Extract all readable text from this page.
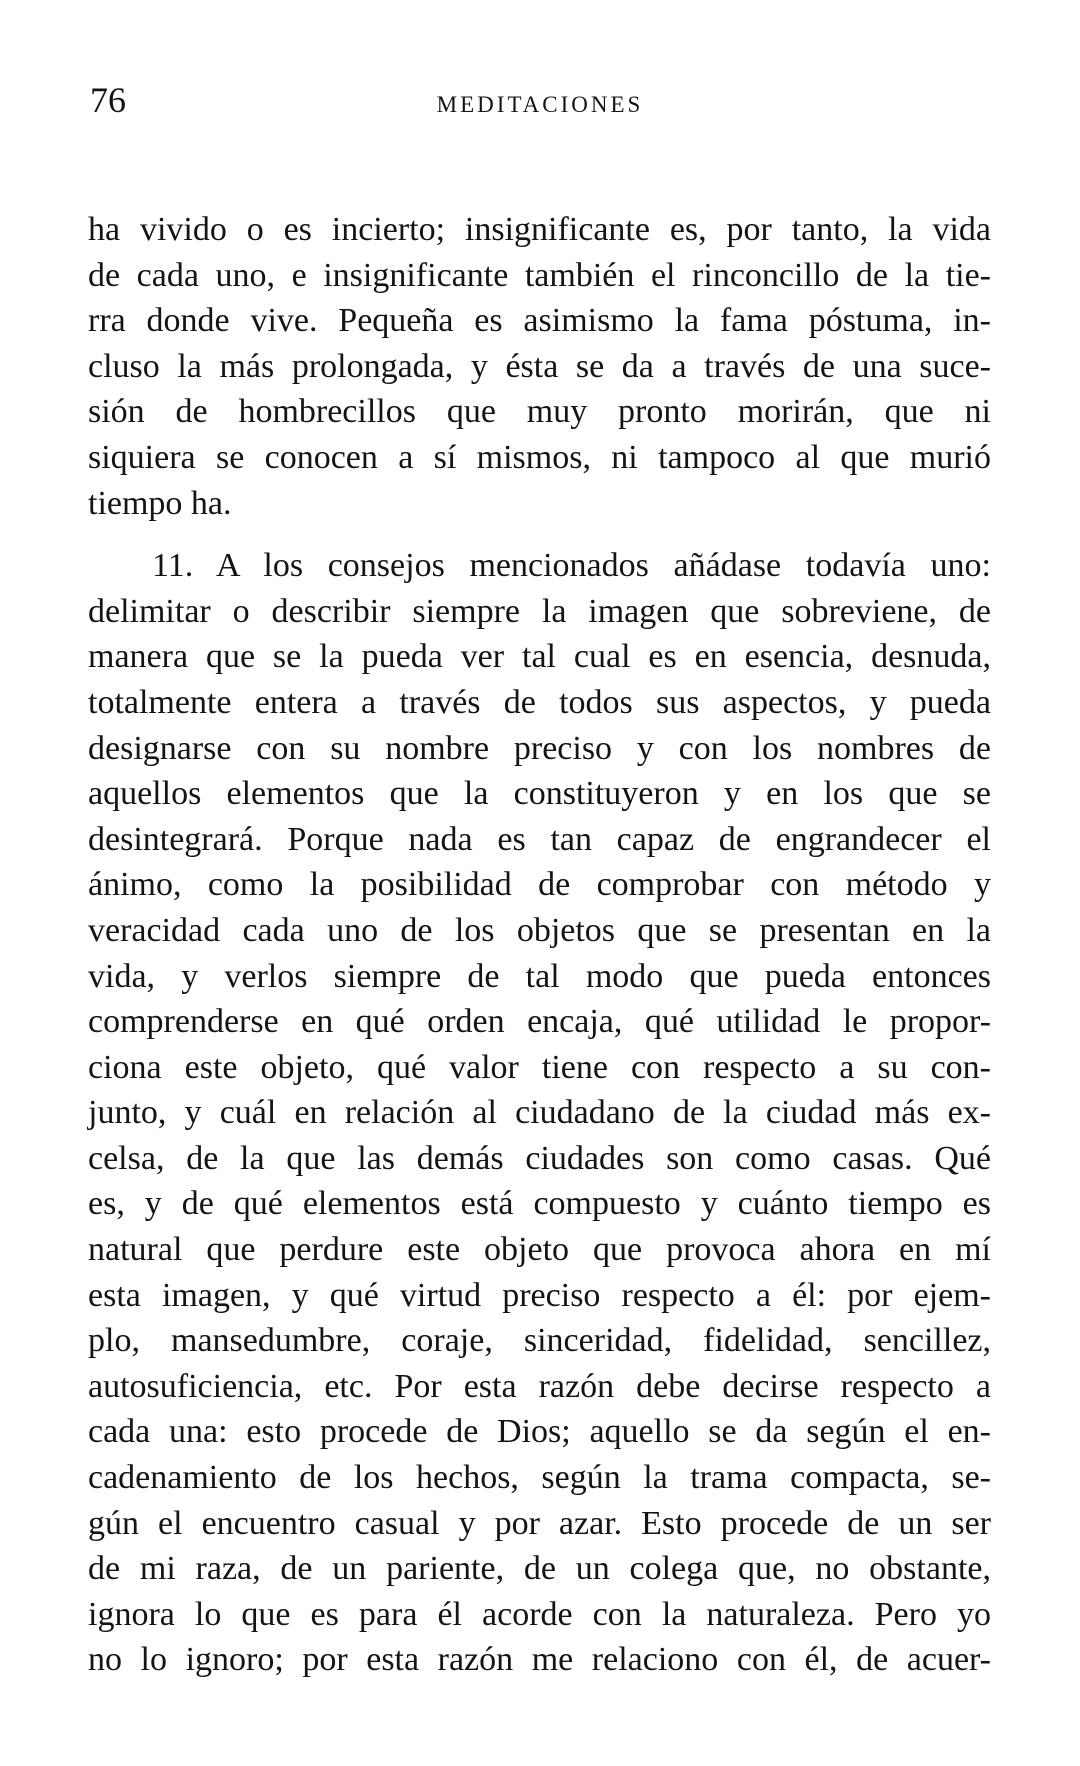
76	MEDITACIONES
ha vivido o es incierto; insignificante es, por tanto, la vida
de cada uno, e insignificante también el rinconcillo de la tie-
rra donde vive. Pequeña es asimismo la fama póstuma, in-
cluso la más prolongada, y ésta se da a través de una suce-
sión de hombrecillos que muy pronto morirán, que ni
siquiera se conocen a sí mismos, ni tampoco al que murió
tiempo ha.
11. A los consejos mencionados añádase todavía uno:
delimitar o describir siempre la imagen que sobreviene, de
manera que se la pueda ver tal cual es en esencia, desnuda,
totalmente entera a través de todos sus aspectos, y pueda
designarse con su nombre preciso y con los nombres de
aquellos elementos que la constituyeron y en los que se
desintegrará. Porque nada es tan capaz de engrandecer el
ánimo, como la posibilidad de comprobar con método y
veracidad cada uno de los objetos que se presentan en la
vida, y verlos siempre de tal modo que pueda entonces
comprenderse en qué orden encaja, qué utilidad le propor-
ciona este objeto, qué valor tiene con respecto a su con-
junto, y cuál en relación al ciudadano de la ciudad más ex-
celsa, de la que las demás ciudades son como casas. Qué
es, y de qué elementos está compuesto y cuánto tiempo es
natural que perdure este objeto que provoca ahora en mí
esta imagen, y qué virtud preciso respecto a él: por ejem-
plo, mansedumbre, coraje, sinceridad, fidelidad, sencillez,
autosuficiencia, etc. Por esta razón debe decirse respecto a
cada una: esto procede de Dios; aquello se da según el en-
cadenamiento de los hechos, según la trama compacta, se-
gún el encuentro casual y por azar. Esto procede de un ser
de mi raza, de un pariente, de un colega que, no obstante,
ignora lo que es para él acorde con la naturaleza. Pero yo
no lo ignoro; por esta razón me relaciono con él, de acuer-
